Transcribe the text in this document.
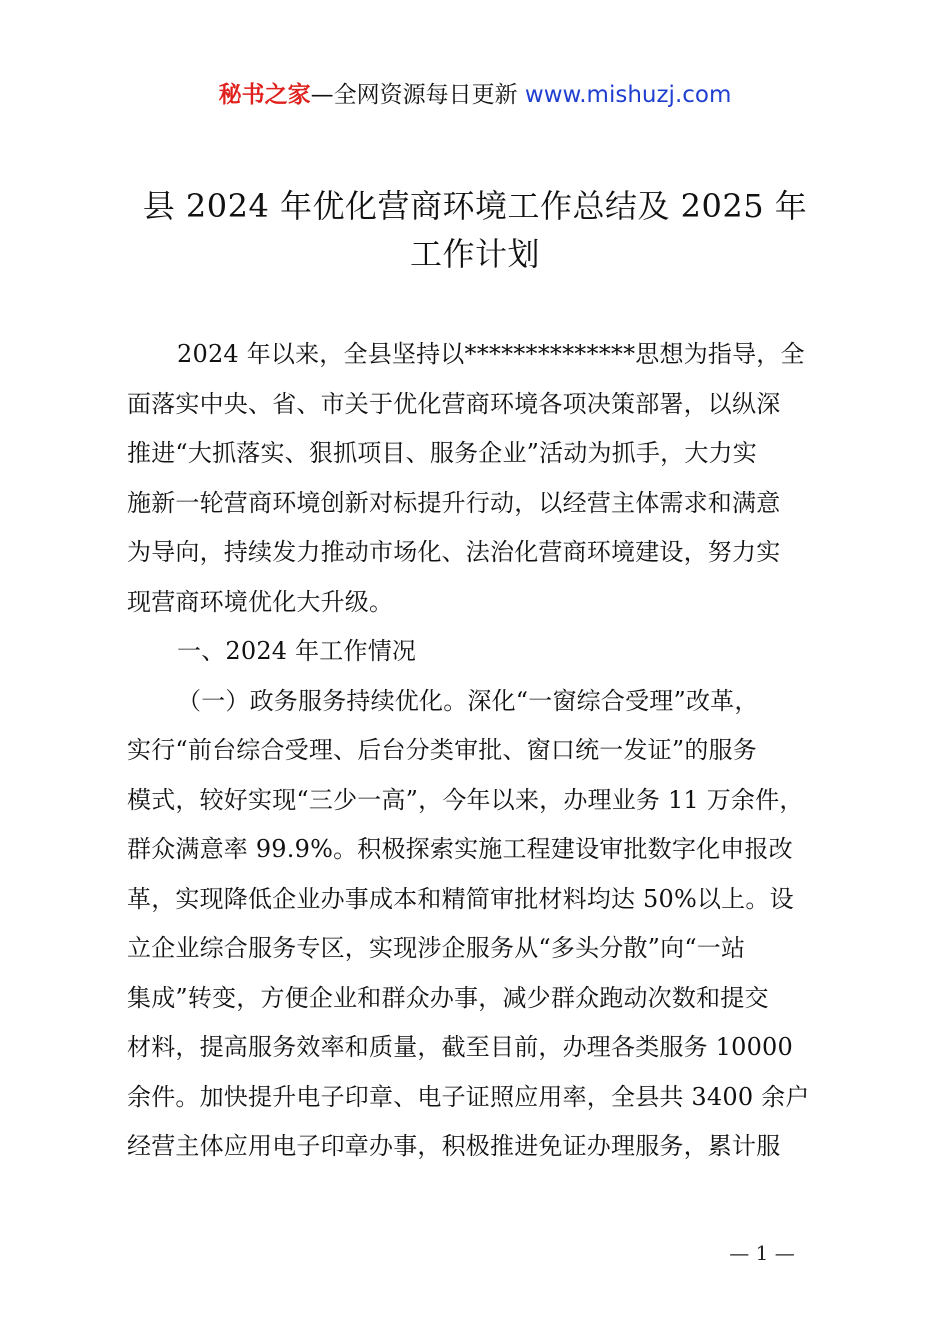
秘书之家—全网资源每日更新 www.mishuzj.com
县 2024 年优化营商环境工作总结及 2025 年
工作计划
2024 年以来，全县坚持以**************思想为指导，全
面落实中央、省、市关于优化营商环境各项决策部署，以纵深
推进“大抓落实、狠抓项目、服务企业”活动为抓手，大力实
施新一轮营商环境创新对标提升行动，以经营主体需求和满意
为导向，持续发力推动市场化、法治化营商环境建设，努力实
现营商环境优化大升级。
一、2024 年工作情况
（一）政务服务持续优化。深化“一窗综合受理”改革，
实行“前台综合受理、后台分类审批、窗口统一发证”的服务
模式，较好实现“三少一高”，今年以来，办理业务 11 万余件，
群众满意率 99.9%。积极探索实施工程建设审批数字化申报改
革，实现降低企业办事成本和精简审批材料均达 50%以上。设
立企业综合服务专区，实现涉企服务从“多头分散”向“一站
集成”转变，方便企业和群众办事，减少群众跑动次数和提交
材料，提高服务效率和质量，截至目前，办理各类服务 10000
余件。加快提升电子印章、电子证照应用率，全县共 3400 余户
经营主体应用电子印章办事，积极推进免证办理服务，累计服
— 1 —
